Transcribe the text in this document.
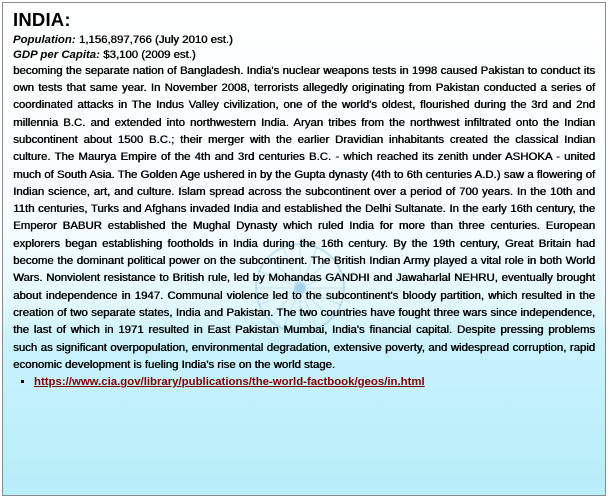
INDIA:
Population: 1,156,897,766 (July 2010 est.)
GDP per Capita: $3,100 (2009 est.)
becoming the separate nation of Bangladesh. India's nuclear weapons tests in 1998 caused Pakistan to conduct its own tests that same year. In November 2008, terrorists allegedly originating from Pakistan conducted a series of coordinated attacks in The Indus Valley civilization, one of the world's oldest, flourished during the 3rd and 2nd millennia B.C. and extended into northwestern India. Aryan tribes from the northwest infiltrated onto the Indian subcontinent about 1500 B.C.; their merger with the earlier Dravidian inhabitants created the classical Indian culture. The Maurya Empire of the 4th and 3rd centuries B.C. - which reached its zenith under ASHOKA - united much of South Asia. The Golden Age ushered in by the Gupta dynasty (4th to 6th centuries A.D.) saw a flowering of Indian science, art, and culture. Islam spread across the subcontinent over a period of 700 years. In the 10th and 11th centuries, Turks and Afghans invaded India and established the Delhi Sultanate. In the early 16th century, the Emperor BABUR established the Mughal Dynasty which ruled India for more than three centuries. European explorers began establishing footholds in India during the 16th century. By the 19th century, Great Britain had become the dominant political power on the subcontinent. The British Indian Army played a vital role in both World Wars. Nonviolent resistance to British rule, led by Mohandas GANDHI and Jawaharlal NEHRU, eventually brought about independence in 1947. Communal violence led to the subcontinent's bloody partition, which resulted in the creation of two separate states, India and Pakistan. The two countries have fought three wars since independence, the last of which in 1971 resulted in East Pakistan Mumbai, India's financial capital. Despite pressing problems such as significant overpopulation, environmental degradation, extensive poverty, and widespread corruption, rapid economic development is fueling India's rise on the world stage.
▪ https://www.cia.gov/library/publications/the-world-factbook/geos/in.html
